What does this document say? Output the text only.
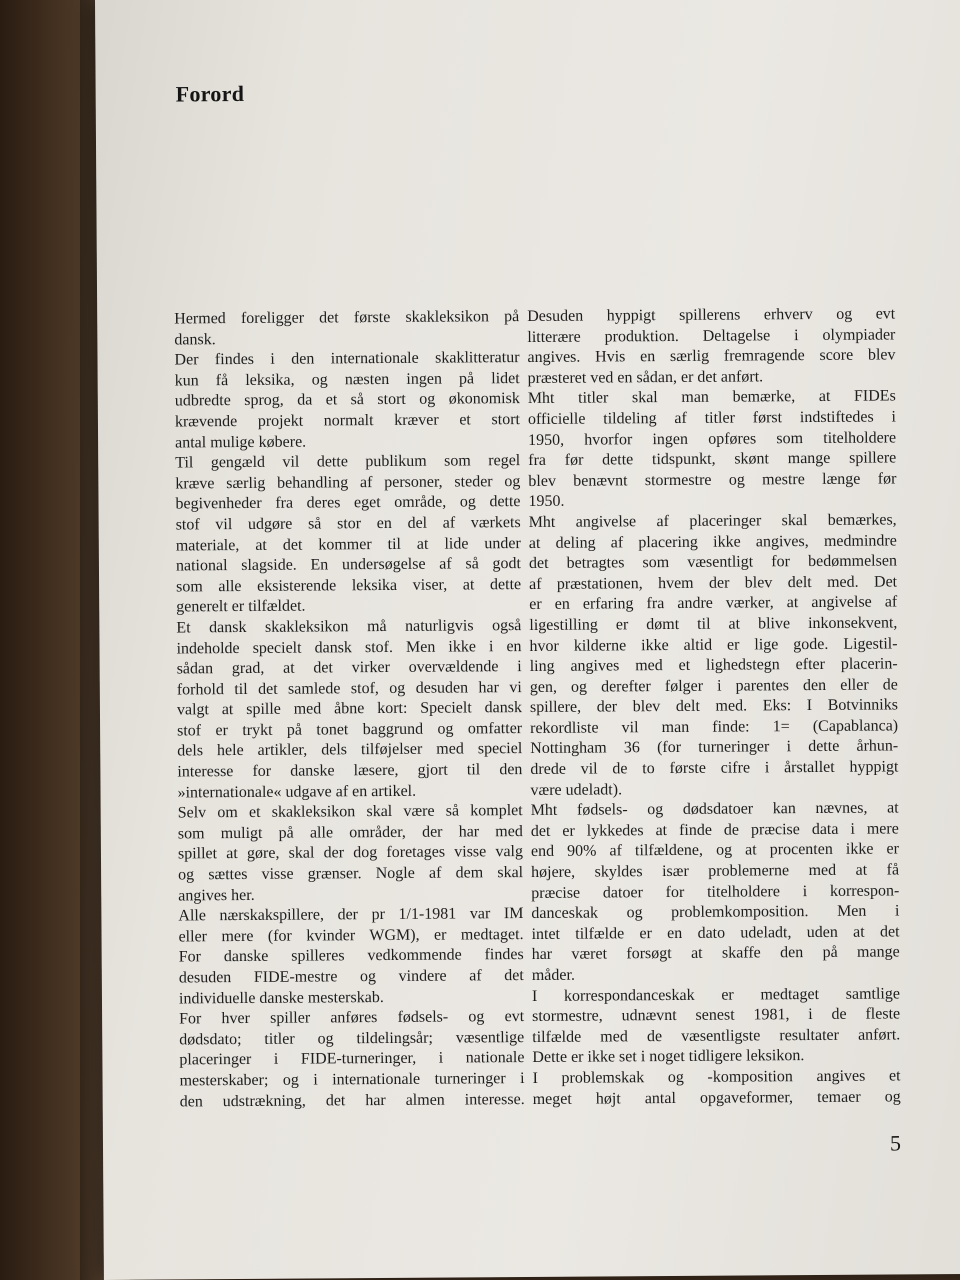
Forord
Hermed foreligger det første skakleksikon på
dansk.
Der findes i den internationale skaklitteratur
kun få leksika, og næsten ingen på lidet
udbredte sprog, da et så stort og økonomisk
krævende projekt normalt kræver et stort
antal mulige købere.
Til gengæld vil dette publikum som regel
kræve særlig behandling af personer, steder og
begivenheder fra deres eget område, og dette
stof vil udgøre så stor en del af værkets
materiale, at det kommer til at lide under
national slagside. En undersøgelse af så godt
som alle eksisterende leksika viser, at dette
generelt er tilfældet.
Et dansk skakleksikon må naturligvis også
indeholde specielt dansk stof. Men ikke i en
sådan grad, at det virker overvældende i
forhold til det samlede stof, og desuden har vi
valgt at spille med åbne kort: Specielt dansk
stof er trykt på tonet baggrund og omfatter
dels hele artikler, dels tilføjelser med speciel
interesse for danske læsere, gjort til den
»internationale« udgave af en artikel.
Selv om et skakleksikon skal være så komplet
som muligt på alle områder, der har med
spillet at gøre, skal der dog foretages visse valg
og sættes visse grænser. Nogle af dem skal
angives her.
Alle nærskakspillere, der pr 1/1-1981 var IM
eller mere (for kvinder WGM), er medtaget.
For danske spilleres vedkommende findes
desuden FIDE-mestre og vindere af det
individuelle danske mesterskab.
For hver spiller anføres fødsels- og evt
dødsdato; titler og tildelingsår; væsentlige
placeringer i FIDE-turneringer, i nationale
mesterskaber; og i internationale turneringer i
den udstrækning, det har almen interesse.
Desuden hyppigt spillerens erhverv og evt
litterære produktion. Deltagelse i olympiader
angives. Hvis en særlig fremragende score blev
præsteret ved en sådan, er det anført.
Mht titler skal man bemærke, at FIDEs
officielle tildeling af titler først indstiftedes i
1950, hvorfor ingen opføres som titelholdere
fra før dette tidspunkt, skønt mange spillere
blev benævnt stormestre og mestre længe før
1950.
Mht angivelse af placeringer skal bemærkes,
at deling af placering ikke angives, medmindre
det betragtes som væsentligt for bedømmelsen
af præstationen, hvem der blev delt med. Det
er en erfaring fra andre værker, at angivelse af
ligestilling er dømt til at blive inkonsekvent,
hvor kilderne ikke altid er lige gode. Ligestil-
ling angives med et lighedstegn efter placerin-
gen, og derefter følger i parentes den eller de
spillere, der blev delt med. Eks: I Botvinniks
rekordliste vil man finde: 1= (Capablanca)
Nottingham 36 (for turneringer i dette århun-
drede vil de to første cifre i årstallet hyppigt
være udeladt).
Mht fødsels- og dødsdatoer kan nævnes, at
det er lykkedes at finde de præcise data i mere
end 90% af tilfældene, og at procenten ikke er
højere, skyldes især problemerne med at få
præcise datoer for titelholdere i korrespon-
danceskak og problemkomposition. Men i
intet tilfælde er en dato udeladt, uden at det
har været forsøgt at skaffe den på mange
måder.
I korrespondanceskak er medtaget samtlige
stormestre, udnævnt senest 1981, i de fleste
tilfælde med de væsentligste resultater anført.
Dette er ikke set i noget tidligere leksikon.
I problemskak og -komposition angives et
meget højt antal opgaveformer, temaer og
5
